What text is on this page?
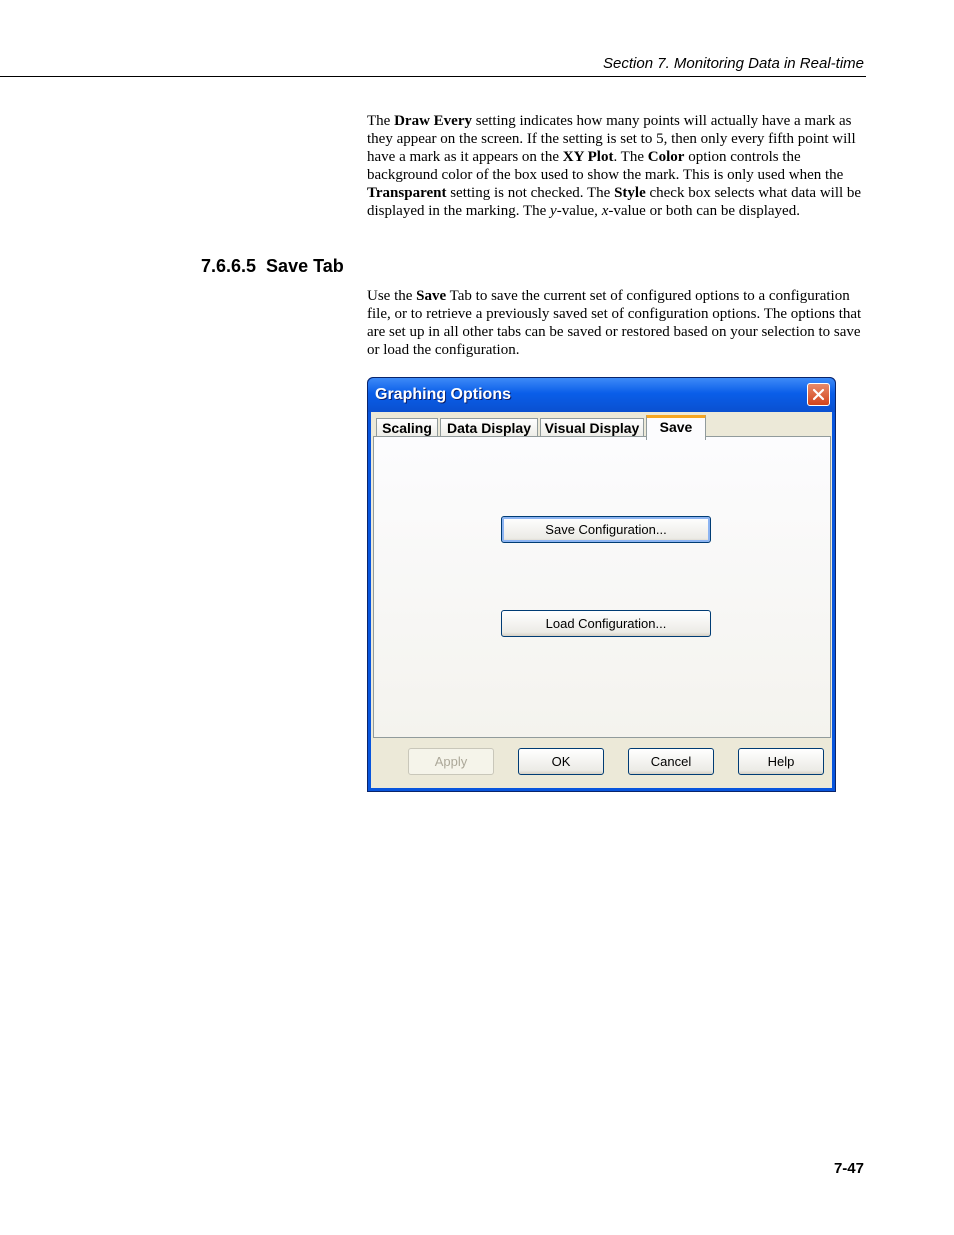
Section 7. Monitoring Data in Real-time

The Draw Every setting indicates how many points will actually have a mark as they appear on the screen. If the setting is set to 5, then only every fifth point will have a mark as it appears on the XY Plot. The Color option controls the background color of the box used to show the mark. This is only used when the Transparent setting is not checked. The Style check box selects what data will be displayed in the marking. The y-value, x-value or both can be displayed.

7.6.6.5 Save Tab

Use the Save Tab to save the current set of configured options to a configuration file, or to retrieve a previously saved set of configuration options. The options that are set up in all other tabs can be saved or restored based on your selection to save or load the configuration.

Graphing Options
Scaling	Data Display Visual Display	Save
Save Configuration...
Load Configuration...
Apply	OK	Cancel	Help
7-47
